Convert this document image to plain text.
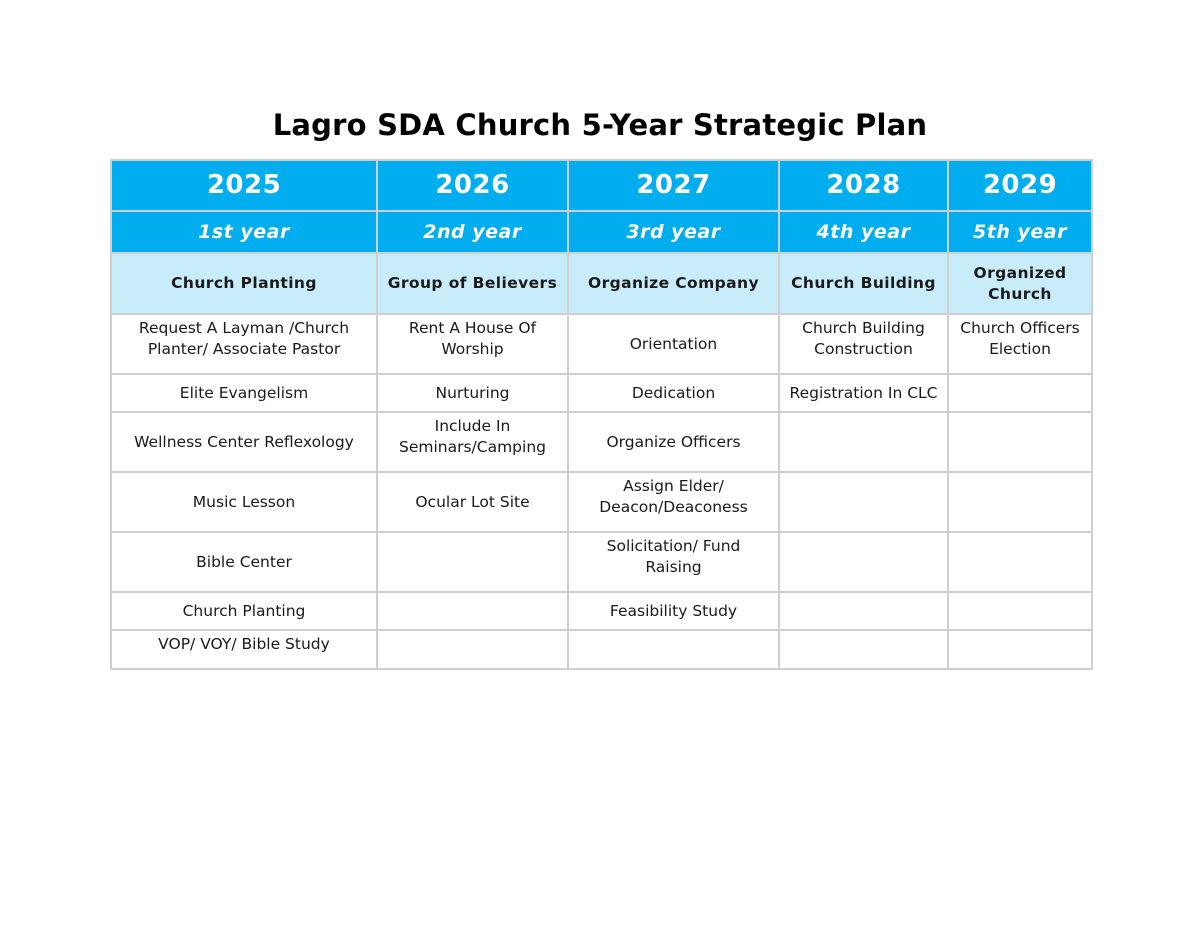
Lagro SDA Church 5-Year Strategic Plan
2025	2026	2027	2028	2029
1st year	2nd year	3rd year	4th year	5th year
Church Planting	Group of Believers	Organize Company	Church Building	Organized Church
Request A Layman /Church Planter/ Associate Pastor	Rent A House Of Worship	Orientation	Church Building Construction	Church Officers Election
Elite Evangelism	Nurturing	Dedication	Registration In CLC	
Wellness Center Reflexology	Include In Seminars/Camping	Organize Officers		
Music Lesson	Ocular Lot Site	Assign Elder/ Deacon/Deaconess		
Bible Center		Solicitation/ Fund Raising		
Church Planting		Feasibility Study		
VOP/ VOY/ Bible Study				
